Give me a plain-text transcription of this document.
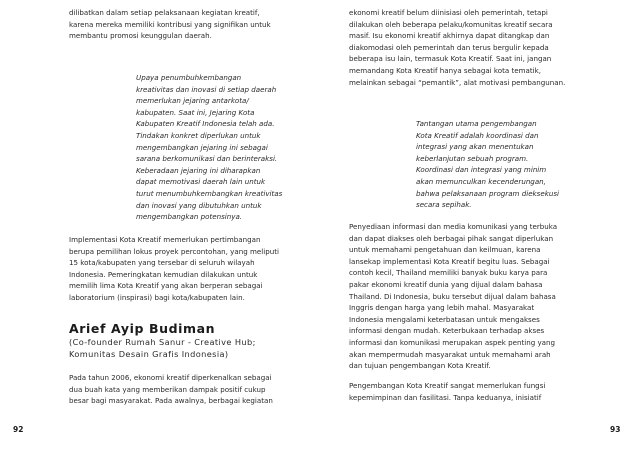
dilibatkan dalam setiap pelaksanaan kegiatan kreatif,
karena mereka memiliki kontribusi yang signifikan untuk
membantu promosi keunggulan daerah.
Upaya penumbuhkembangan
kreativitas dan inovasi di setiap daerah
memerlukan jejaring antarkota/
kabupaten. Saat ini, Jejaring Kota
Kabupaten Kreatif Indonesia telah ada.
Tindakan konkret diperlukan untuk
mengembangkan jejaring ini sebagai
sarana berkomunikasi dan berinteraksi.
Keberadaan jejaring ini diharapkan
dapat memotivasi daerah lain untuk
turut menumbuhkembangkan kreativitas
dan inovasi yang dibutuhkan untuk
mengembangkan potensinya.
Implementasi Kota Kreatif memerlukan pertimbangan
berupa pemilihan lokus proyek percontohan, yang meliputi
15 kota/kabupaten yang tersebar di seluruh wilayah
Indonesia. Pemeringkatan kemudian dilakukan untuk
memilih lima Kota Kreatif yang akan berperan sebagai
laboratorium (inspirasi) bagi kota/kabupaten lain.
Arief Ayip Budiman
(Co-founder Rumah Sanur - Creative Hub;
Komunitas Desain Grafis Indonesia)
Pada tahun 2006, ekonomi kreatif diperkenalkan sebagai
dua buah kata yang memberikan dampak positif cukup
besar bagi masyarakat. Pada awalnya, berbagai kegiatan
92
ekonomi kreatif belum diinisiasi oleh pemerintah, tetapi
dilakukan oleh beberapa pelaku/komunitas kreatif secara
masif. Isu ekonomi kreatif akhirnya dapat ditangkap dan
diakomodasi oleh pemerintah dan terus bergulir kepada
beberapa isu lain, termasuk Kota Kreatif. Saat ini, jangan
memandang Kota Kreatif hanya sebagai kota tematik,
melainkan sebagai “pemantik”, alat motivasi pembangunan.
Tantangan utama pengembangan
Kota Kreatif adalah koordinasi dan
integrasi yang akan menentukan
keberlanjutan sebuah program.
Koordinasi dan integrasi yang minim
akan memunculkan kecenderungan,
bahwa pelaksanaan program dieksekusi
secara sepihak.
Penyediaan informasi dan media komunikasi yang terbuka
dan dapat diakses oleh berbagai pihak sangat diperlukan
untuk memahami pengetahuan dan keilmuan, karena
lansekap implementasi Kota Kreatif begitu luas. Sebagai
contoh kecil, Thailand memiliki banyak buku karya para
pakar ekonomi kreatif dunia yang dijual dalam bahasa
Thailand. Di Indonesia, buku tersebut dijual dalam bahasa
Inggris dengan harga yang lebih mahal. Masyarakat
Indonesia mengalami keterbatasan untuk mengakses
informasi dengan mudah. Keterbukaan terhadap akses
informasi dan komunikasi merupakan aspek penting yang
akan mempermudah masyarakat untuk memahami arah
dan tujuan pengembangan Kota Kreatif.
Pengembangan Kota Kreatif sangat memerlukan fungsi
kepemimpinan dan fasilitasi. Tanpa keduanya, inisiatif
93
